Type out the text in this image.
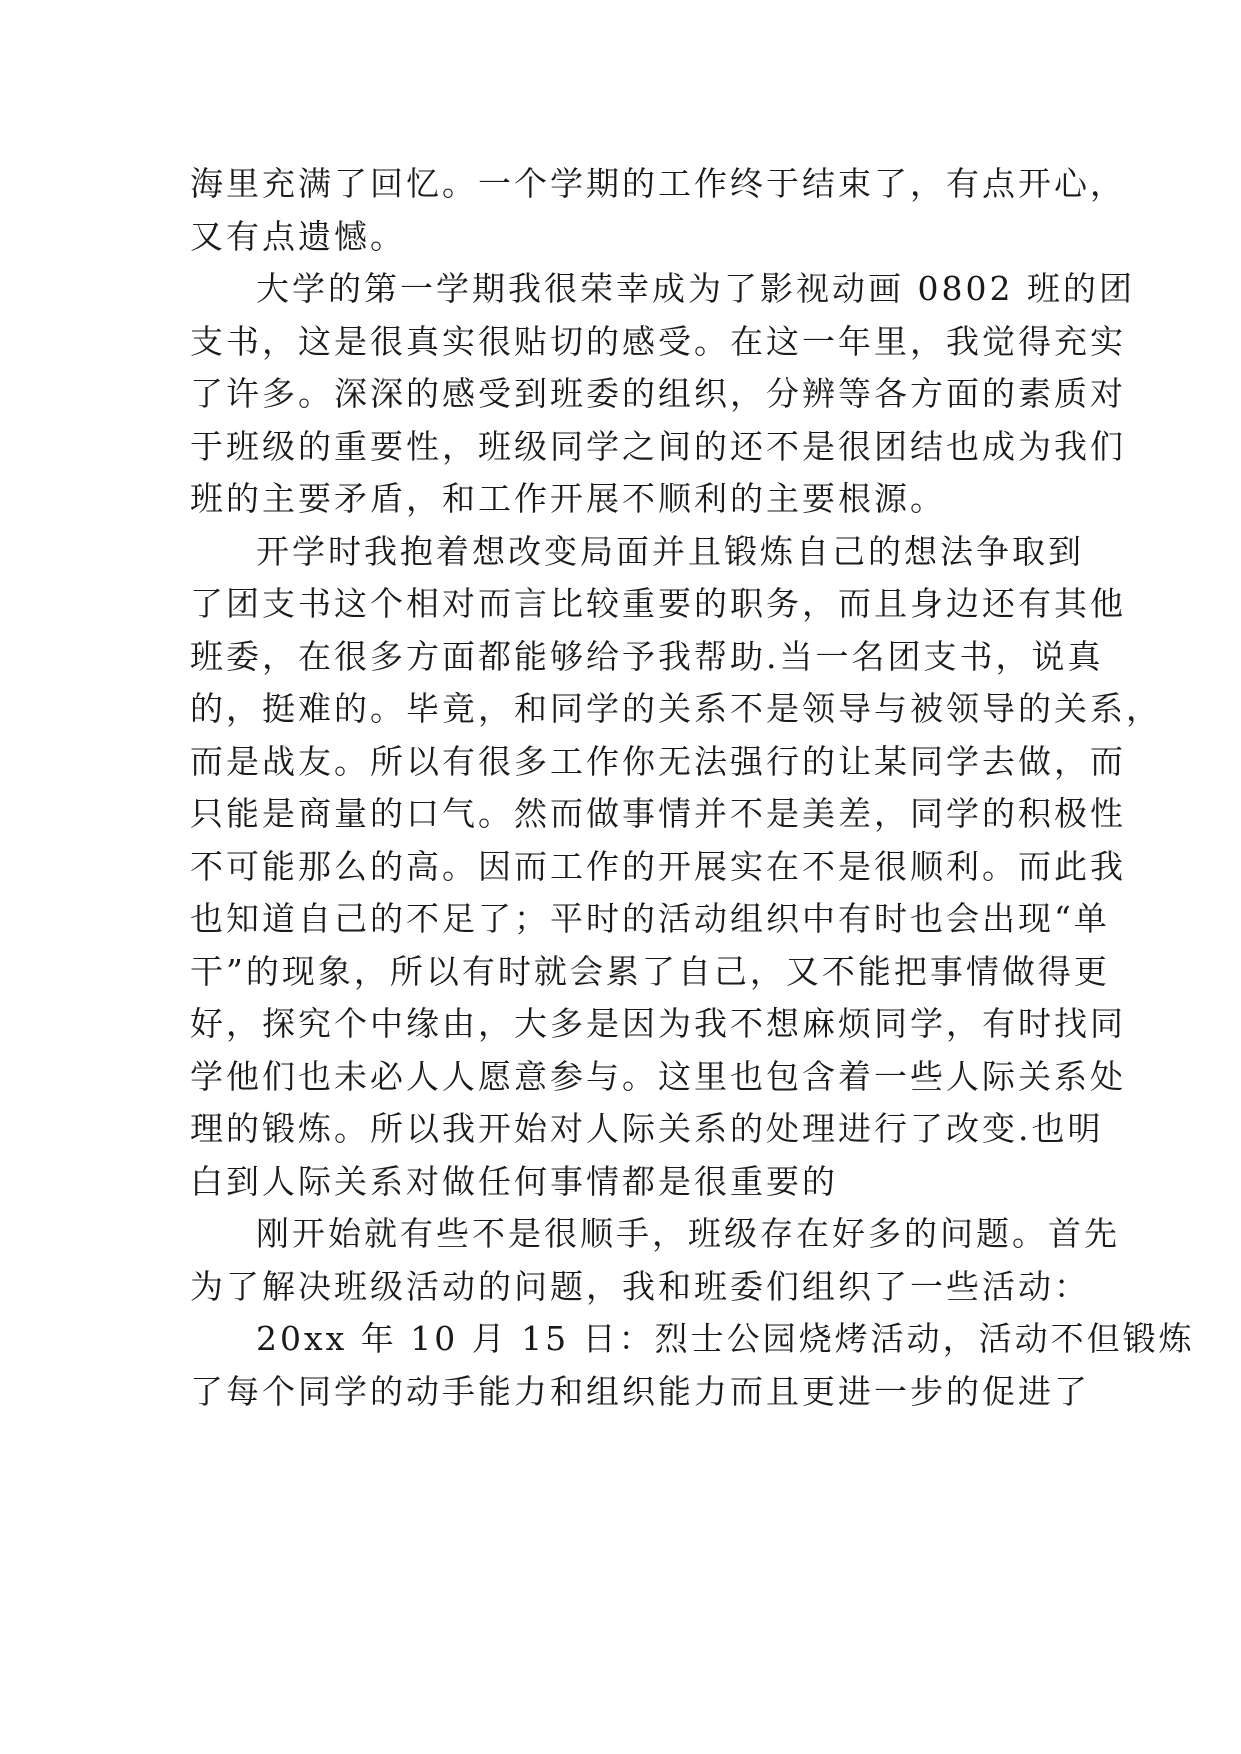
海里充满了回忆。一个学期的工作终于结束了，有点开心，
又有点遗憾。
大学的第一学期我很荣幸成为了影视动画 0802 班的团
支书，这是很真实很贴切的感受。在这一年里，我觉得充实
了许多。深深的感受到班委的组织，分辨等各方面的素质对
于班级的重要性，班级同学之间的还不是很团结也成为我们
班的主要矛盾，和工作开展不顺利的主要根源。
开学时我抱着想改变局面并且锻炼自己的想法争取到
了团支书这个相对而言比较重要的职务，而且身边还有其他
班委，在很多方面都能够给予我帮助.当一名团支书，说真
的，挺难的。毕竟，和同学的关系不是领导与被领导的关系，
而是战友。所以有很多工作你无法强行的让某同学去做，而
只能是商量的口气。然而做事情并不是美差，同学的积极性
不可能那么的高。因而工作的开展实在不是很顺利。而此我
也知道自己的不足了；平时的活动组织中有时也会出现“单
干”的现象，所以有时就会累了自己，又不能把事情做得更
好，探究个中缘由，大多是因为我不想麻烦同学，有时找同
学他们也未必人人愿意参与。这里也包含着一些人际关系处
理的锻炼。所以我开始对人际关系的处理进行了改变.也明
白到人际关系对做任何事情都是很重要的
刚开始就有些不是很顺手，班级存在好多的问题。首先
为了解决班级活动的问题，我和班委们组织了一些活动：
20xx 年 10 月 15 日：烈士公园烧烤活动，活动不但锻炼
了每个同学的动手能力和组织能力而且更进一步的促进了
